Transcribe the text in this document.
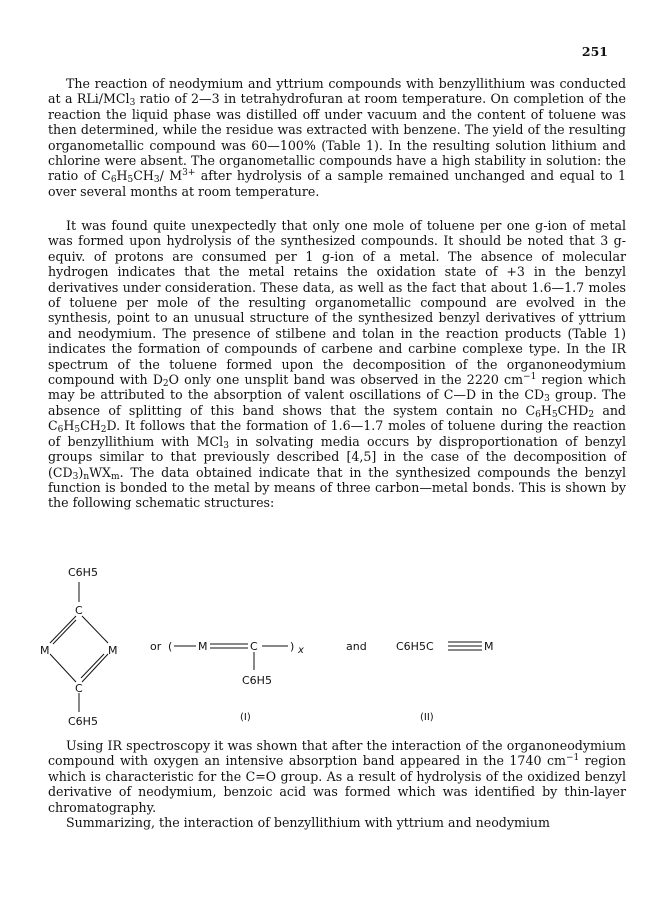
251

The reaction of neodymium and yttrium compounds with benzyllithium was conducted at a RLi/MCl$_3$ ratio of 2—3 in tetrahydrofuran at room temperature. On completion of the reaction the liquid phase was distilled off under vacuum and the content of toluene was then determined, while the residue was extracted with benzene. The yield of the resulting organometallic compound was 60—100% (Table 1). In the resulting solution lithium and chlorine were absent. The organometallic compounds have a high stability in solution: the ratio of $C_6H_5CH_3/$ $M^{3+}$ after hydrolysis of a sample remained unchanged and equal to 1 over several months at room temperature.

It was found quite unexpectedly that only one mole of toluene per one g-ion of metal was formed upon hydrolysis of the synthesized compounds. It should be noted that 3 g-equiv. of protons are consumed per 1 g-ion of a metal. The absence of molecular hydrogen indicates that the metal retains the oxidation state of +3 in the benzyl derivatives under consideration. These data, as well as the fact that about 1.6—1.7 moles of toluene per mole of the resulting organometallic compound are evolved in the synthesis, point to an unusual structure of the synthesized benzyl derivatives of yttrium and neodymium. The presence of stilbene and tolan in the reaction products (Table 1) indicates the formation of compounds of carbene and carbine complexe type. In the IR spectrum of the toluene formed upon the decomposition of the organoneodymium compound with $D_2O$ only one unsplit band was observed in the 2220 $cm^{-1}$ region which may be attributed to the absorption of valent oscillations of C—D in the $CD_3$ group. The absence of splitting of this band shows that the system contain no $C_6H_5CHD_2$ and $C_6H_5CH_2D$. It follows that the formation of 1.6—1.7 moles of toluene during the reaction of benzyllithium with MCl$_3$ in solvating media occurs by disproportionation of benzyl groups similar to that previously described [4,5] in the case of the decomposition of $(CD_3)_nWX_m$. The data obtained indicate that in the synthesized compounds the benzyl function is bonded to the metal by means of three carbon—metal bonds. This is shown by the following schematic structures:

C6H5
C
M	M
C
C6H5
or ( M	C	) x
C6H5
and	C6H5C	M
(I)	(II)

Using IR spectroscopy it was shown that after the interaction of the organoneodymium compound with oxygen an intensive absorption band appeared in the 1740 $cm^{-1}$ region which is characteristic for the C=O group. As a result of hydrolysis of the oxidized benzyl derivative of neodymium, benzoic acid was formed which was identified by thin-layer chromatography.

Summarizing, the interaction of benzyllithium with yttrium and neodymium
